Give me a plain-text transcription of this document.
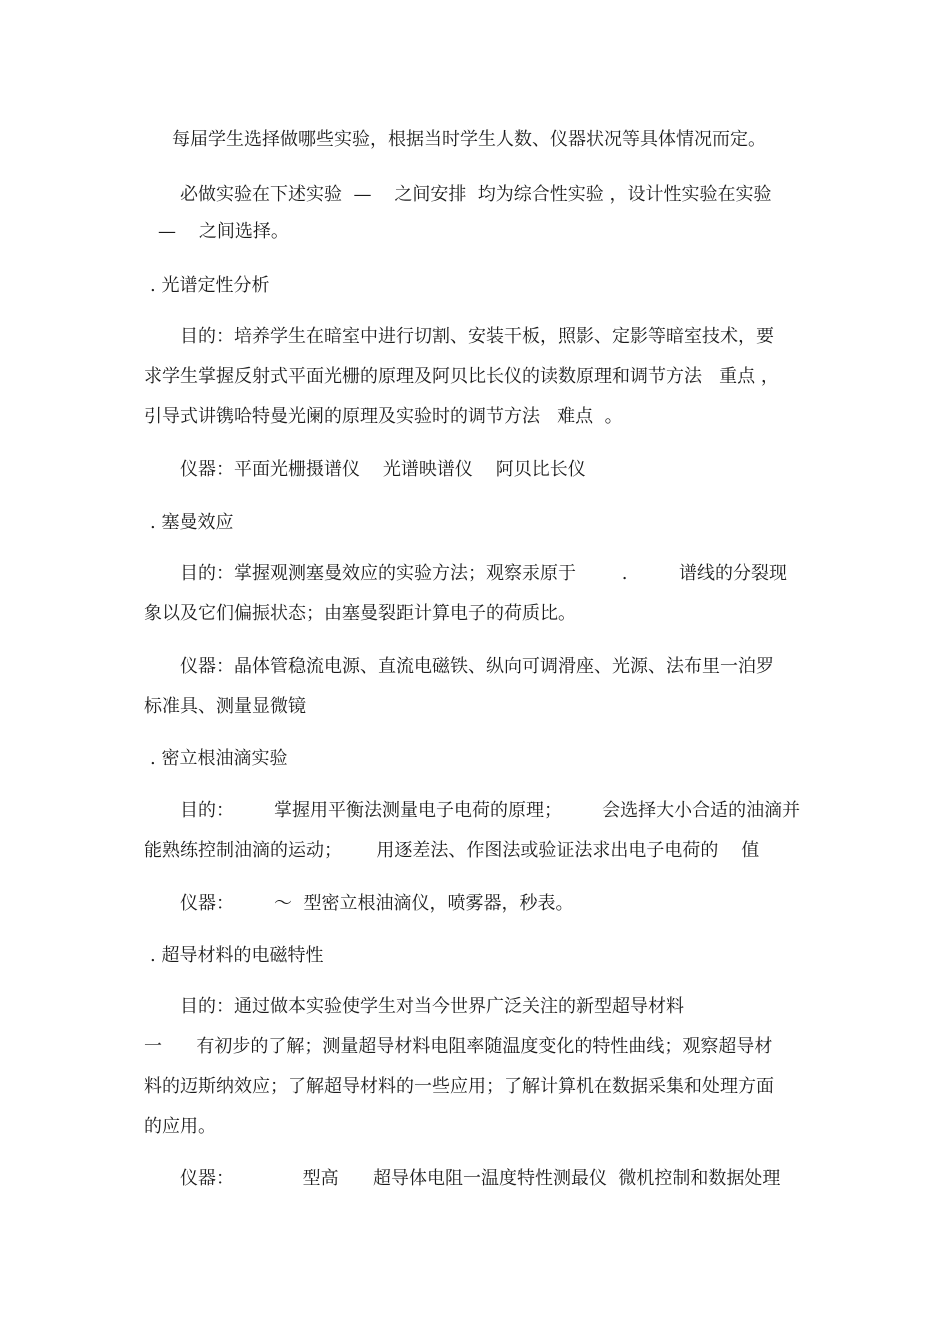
每届学生选择做哪些实验，根据当时学生人数、仪器状况等具体情况而定。
必做实验在下述实验  —    之间安排  均为综合性实验 ，设计性实验在实验
—    之间选择。
. 光谱定性分析
目的：培养学生在暗室中进行切割、安装干板，照影、定影等暗室技术，要
求学生掌握反射式平面光栅的原理及阿贝比长仪的读数原理和调节方法   重点 ，
引导式讲镌哈特曼光阑的原理及实验时的调节方法   难点  。
仪器：平面光栅摄谱仪    光谱映谱仪    阿贝比长仪
. 塞曼效应
目的：掌握观测塞曼效应的实验方法；观察汞原于        .         谱线的分裂现
象以及它们偏振状态；由塞曼裂距计算电子的荷质比。
仪器：晶体管稳流电源、直流电磁铁、纵向可调滑座、光源、法布里一泊罗
标准具、测量显微镜
. 密立根油滴实验
目的：       掌握用平衡法测量电子电荷的原理；       会选择大小合适的油滴并
能熟练控制油滴的运动；      用逐差法、作图法或验证法求出电子电荷的    值
仪器：       ～  型密立根油滴仪，喷雾器，秒表。
. 超导材料的电磁特性
目的：通过做本实验使学生对当今世界广泛关注的新型超导材料
一      有初步的了解；测量超导材料电阻率随温度变化的特性曲线；观察超导材
料的迈斯纳效应；了解超导材料的一些应用；了解计算机在数据采集和处理方面
的应用。
仪器：            型高      超导体电阻一温度特性测最仪  微机控制和数据处理
